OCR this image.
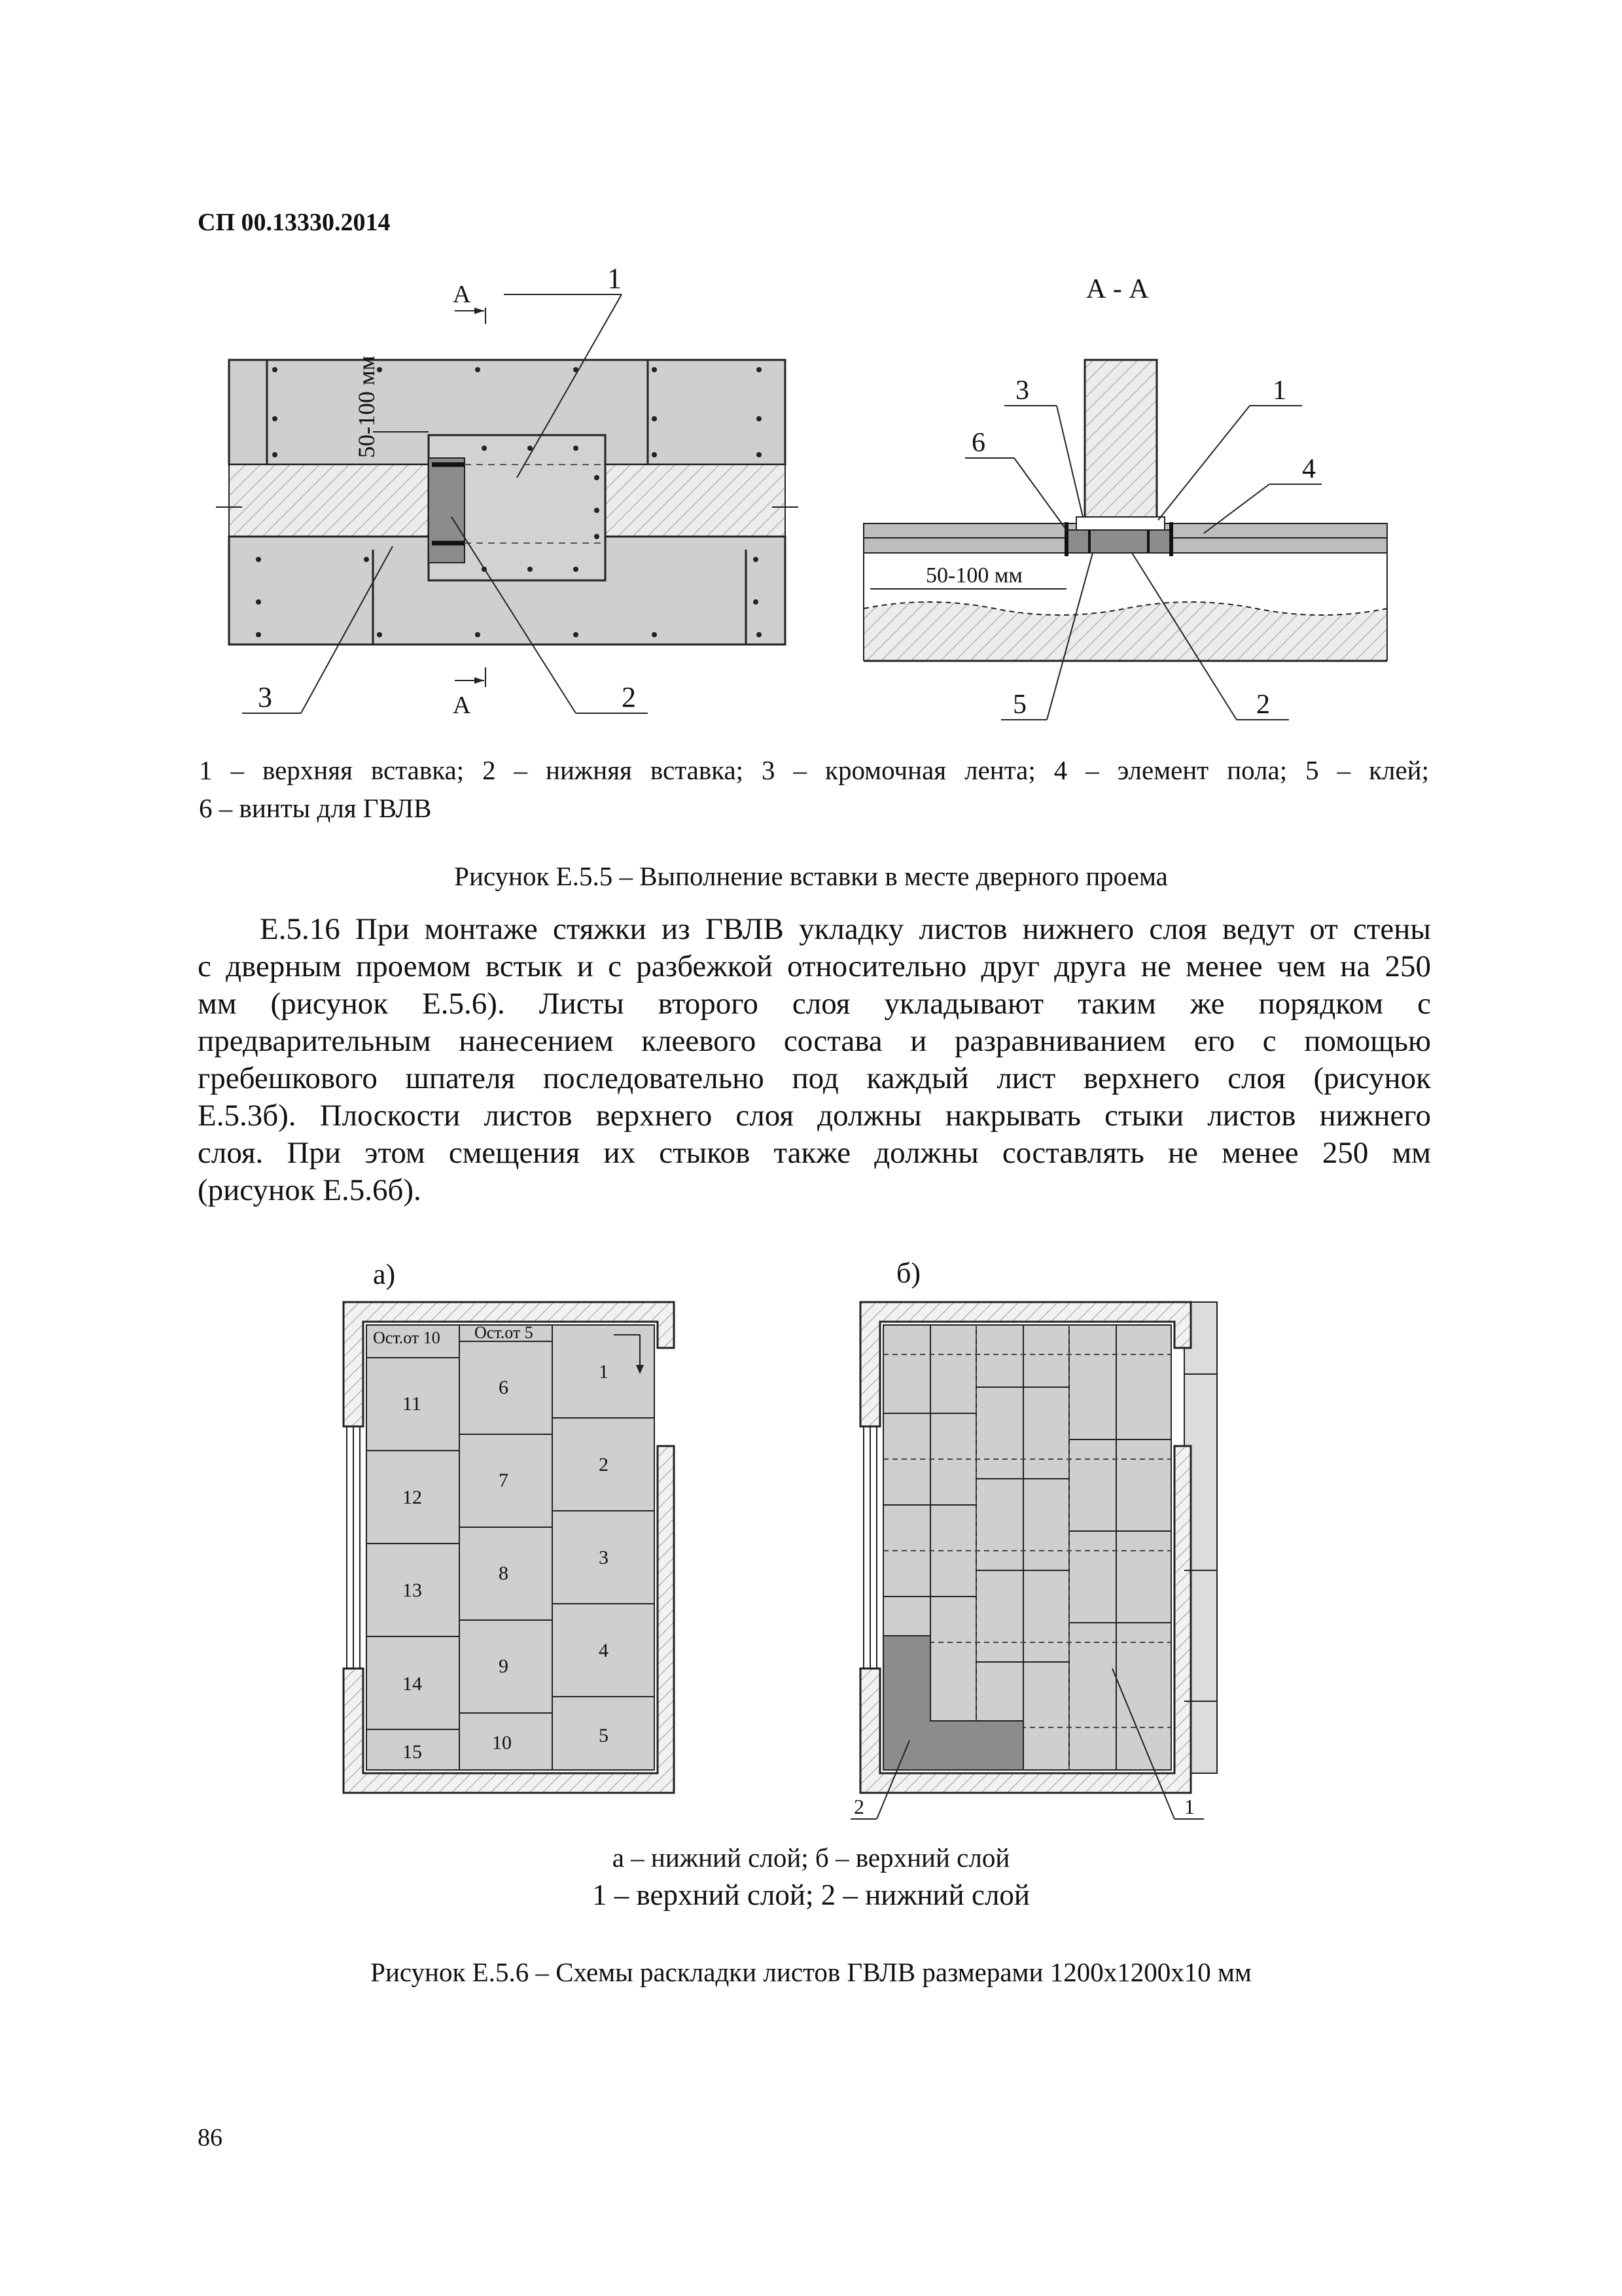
СП 00.13330.2014
А
А
50-100 мм
1
2
3
А - А
50-100 мм
3	1
6
4
5	2
1 – верхняя вставка; 2 – нижняя вставка; 3 – кромочная лента; 4 – элемент пола; 5 – клей;
6 – винты для ГВЛВ
Рисунок Е.5.5 – Выполнение вставки в месте дверного проема

Е.5.16 При монтаже стяжки из ГВЛВ укладку листов нижнего слоя ведут от стены

с дверным проемом встык и с разбежкой относительно друг друга не менее чем на 250

мм (рисунок Е.5.6). Листы второго слоя укладывают таким же порядком с

предварительным нанесением клеевого состава и разравниванием его с помощью

гребешкового шпателя последовательно под каждый лист верхнего слоя (рисунок

Е.5.3б). Плоскости листов верхнего слоя должны накрывать стыки листов нижнего

слоя. При этом смещения их стыков также должны составлять не менее 250 мм

(рисунок Е.5.6б).

а)
Ост.от 10
11
12
13
14
15
Ост.от 5
6
7
8
9
10
1
2
3
4
5
б)
2	1
а – нижний слой; б – верхний слой
1 – верхний слой; 2 – нижний слой
Рисунок Е.5.6 – Схемы раскладки листов ГВЛВ размерами 1200х1200х10 мм
86
